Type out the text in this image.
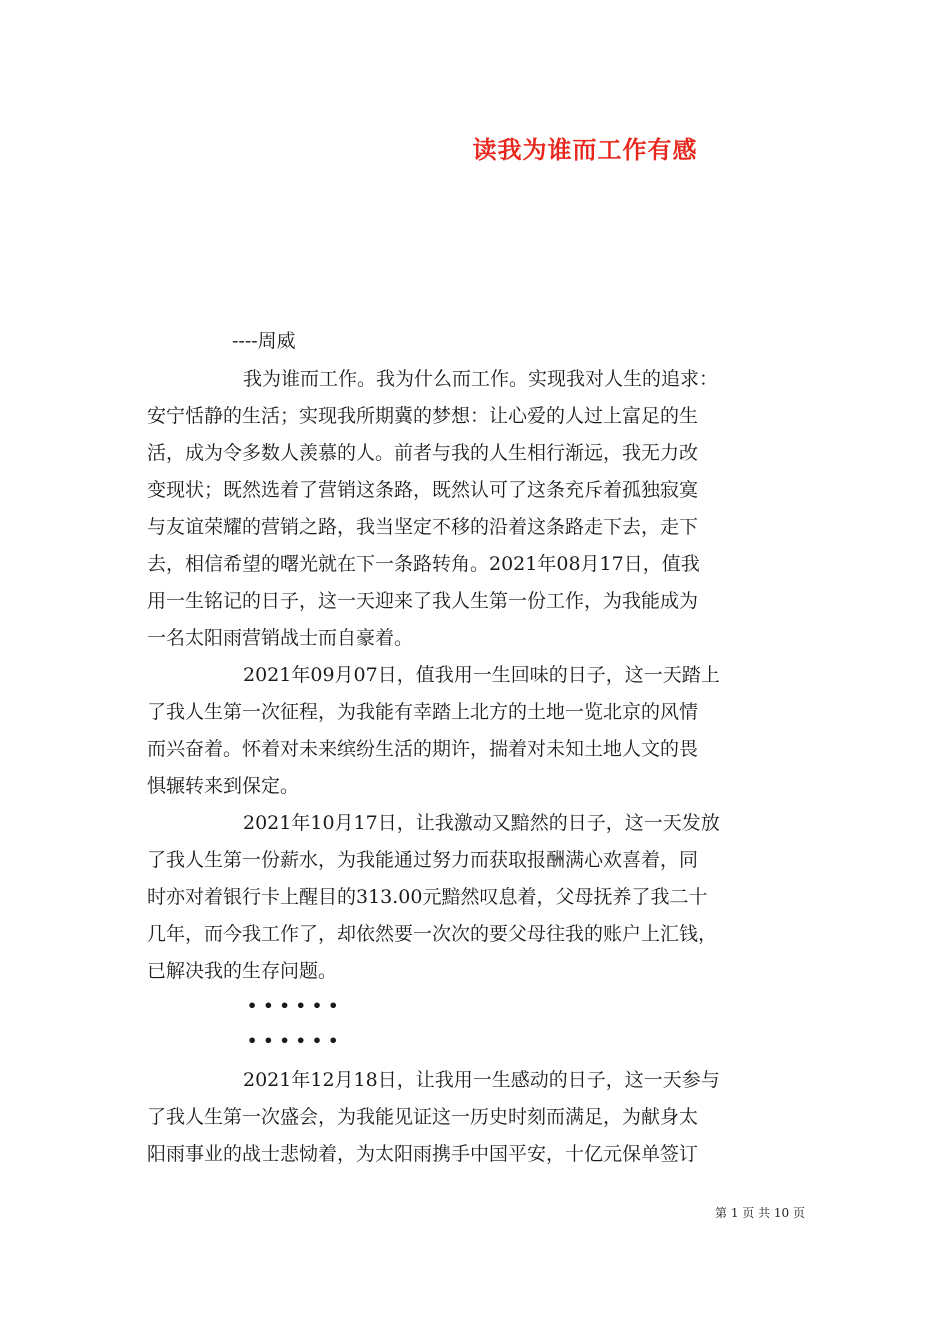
读我为谁而工作有感
----周威
我为谁而工作。我为什么而工作。实现我对人生的追求：
安宁恬静的生活；实现我所期冀的梦想：让心爱的人过上富足的生
活，成为令多数人羡慕的人。前者与我的人生相行渐远，我无力改
变现状；既然选着了营销这条路，既然认可了这条充斥着孤独寂寞
与友谊荣耀的营销之路，我当坚定不移的沿着这条路走下去，走下
去，相信希望的曙光就在下一条路转角。2021年08月17日，值我
用一生铭记的日子，这一天迎来了我人生第一份工作，为我能成为
一名太阳雨营销战士而自豪着。
2021年09月07日，值我用一生回味的日子，这一天踏上
了我人生第一次征程，为我能有幸踏上北方的土地一览北京的风情
而兴奋着。怀着对未来缤纷生活的期许，揣着对未知土地人文的畏
惧辗转来到保定。
2021年10月17日，让我激动又黯然的日子，这一天发放
了我人生第一份薪水，为我能通过努力而获取报酬满心欢喜着，同
时亦对着银行卡上醒目的313.00元黯然叹息着，父母抚养了我二十
几年，而今我工作了，却依然要一次次的要父母往我的账户上汇钱，
已解决我的生存问题。
••••••
••••••
2021年12月18日，让我用一生感动的日子，这一天参与
了我人生第一次盛会，为我能见证这一历史时刻而满足，为献身太
阳雨事业的战士悲恸着，为太阳雨携手中国平安，十亿元保单签订
第 1 页 共 10 页
